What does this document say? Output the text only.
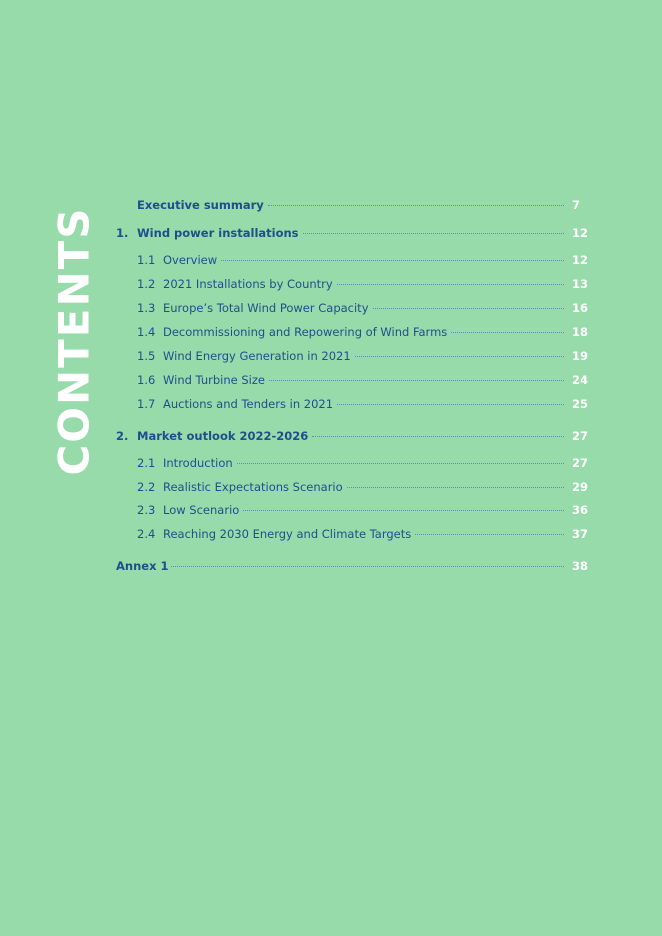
CONTENTS
Executive summary	7
1. Wind power installations	12
1.1 Overview	12
1.2 2021 Installations by Country	13
1.3 Europe’s Total Wind Power Capacity	16
1.4 Decommissioning and Repowering of Wind Farms	18
1.5 Wind Energy Generation in 2021	19
1.6 Wind Turbine Size	24
1.7 Auctions and Tenders in 2021	25
2. Market outlook 2022-2026	27
2.1 Introduction	27
2.2 Realistic Expectations Scenario	29
2.3 Low Scenario	36
2.4 Reaching 2030 Energy and Climate Targets	37
Annex 1	38
